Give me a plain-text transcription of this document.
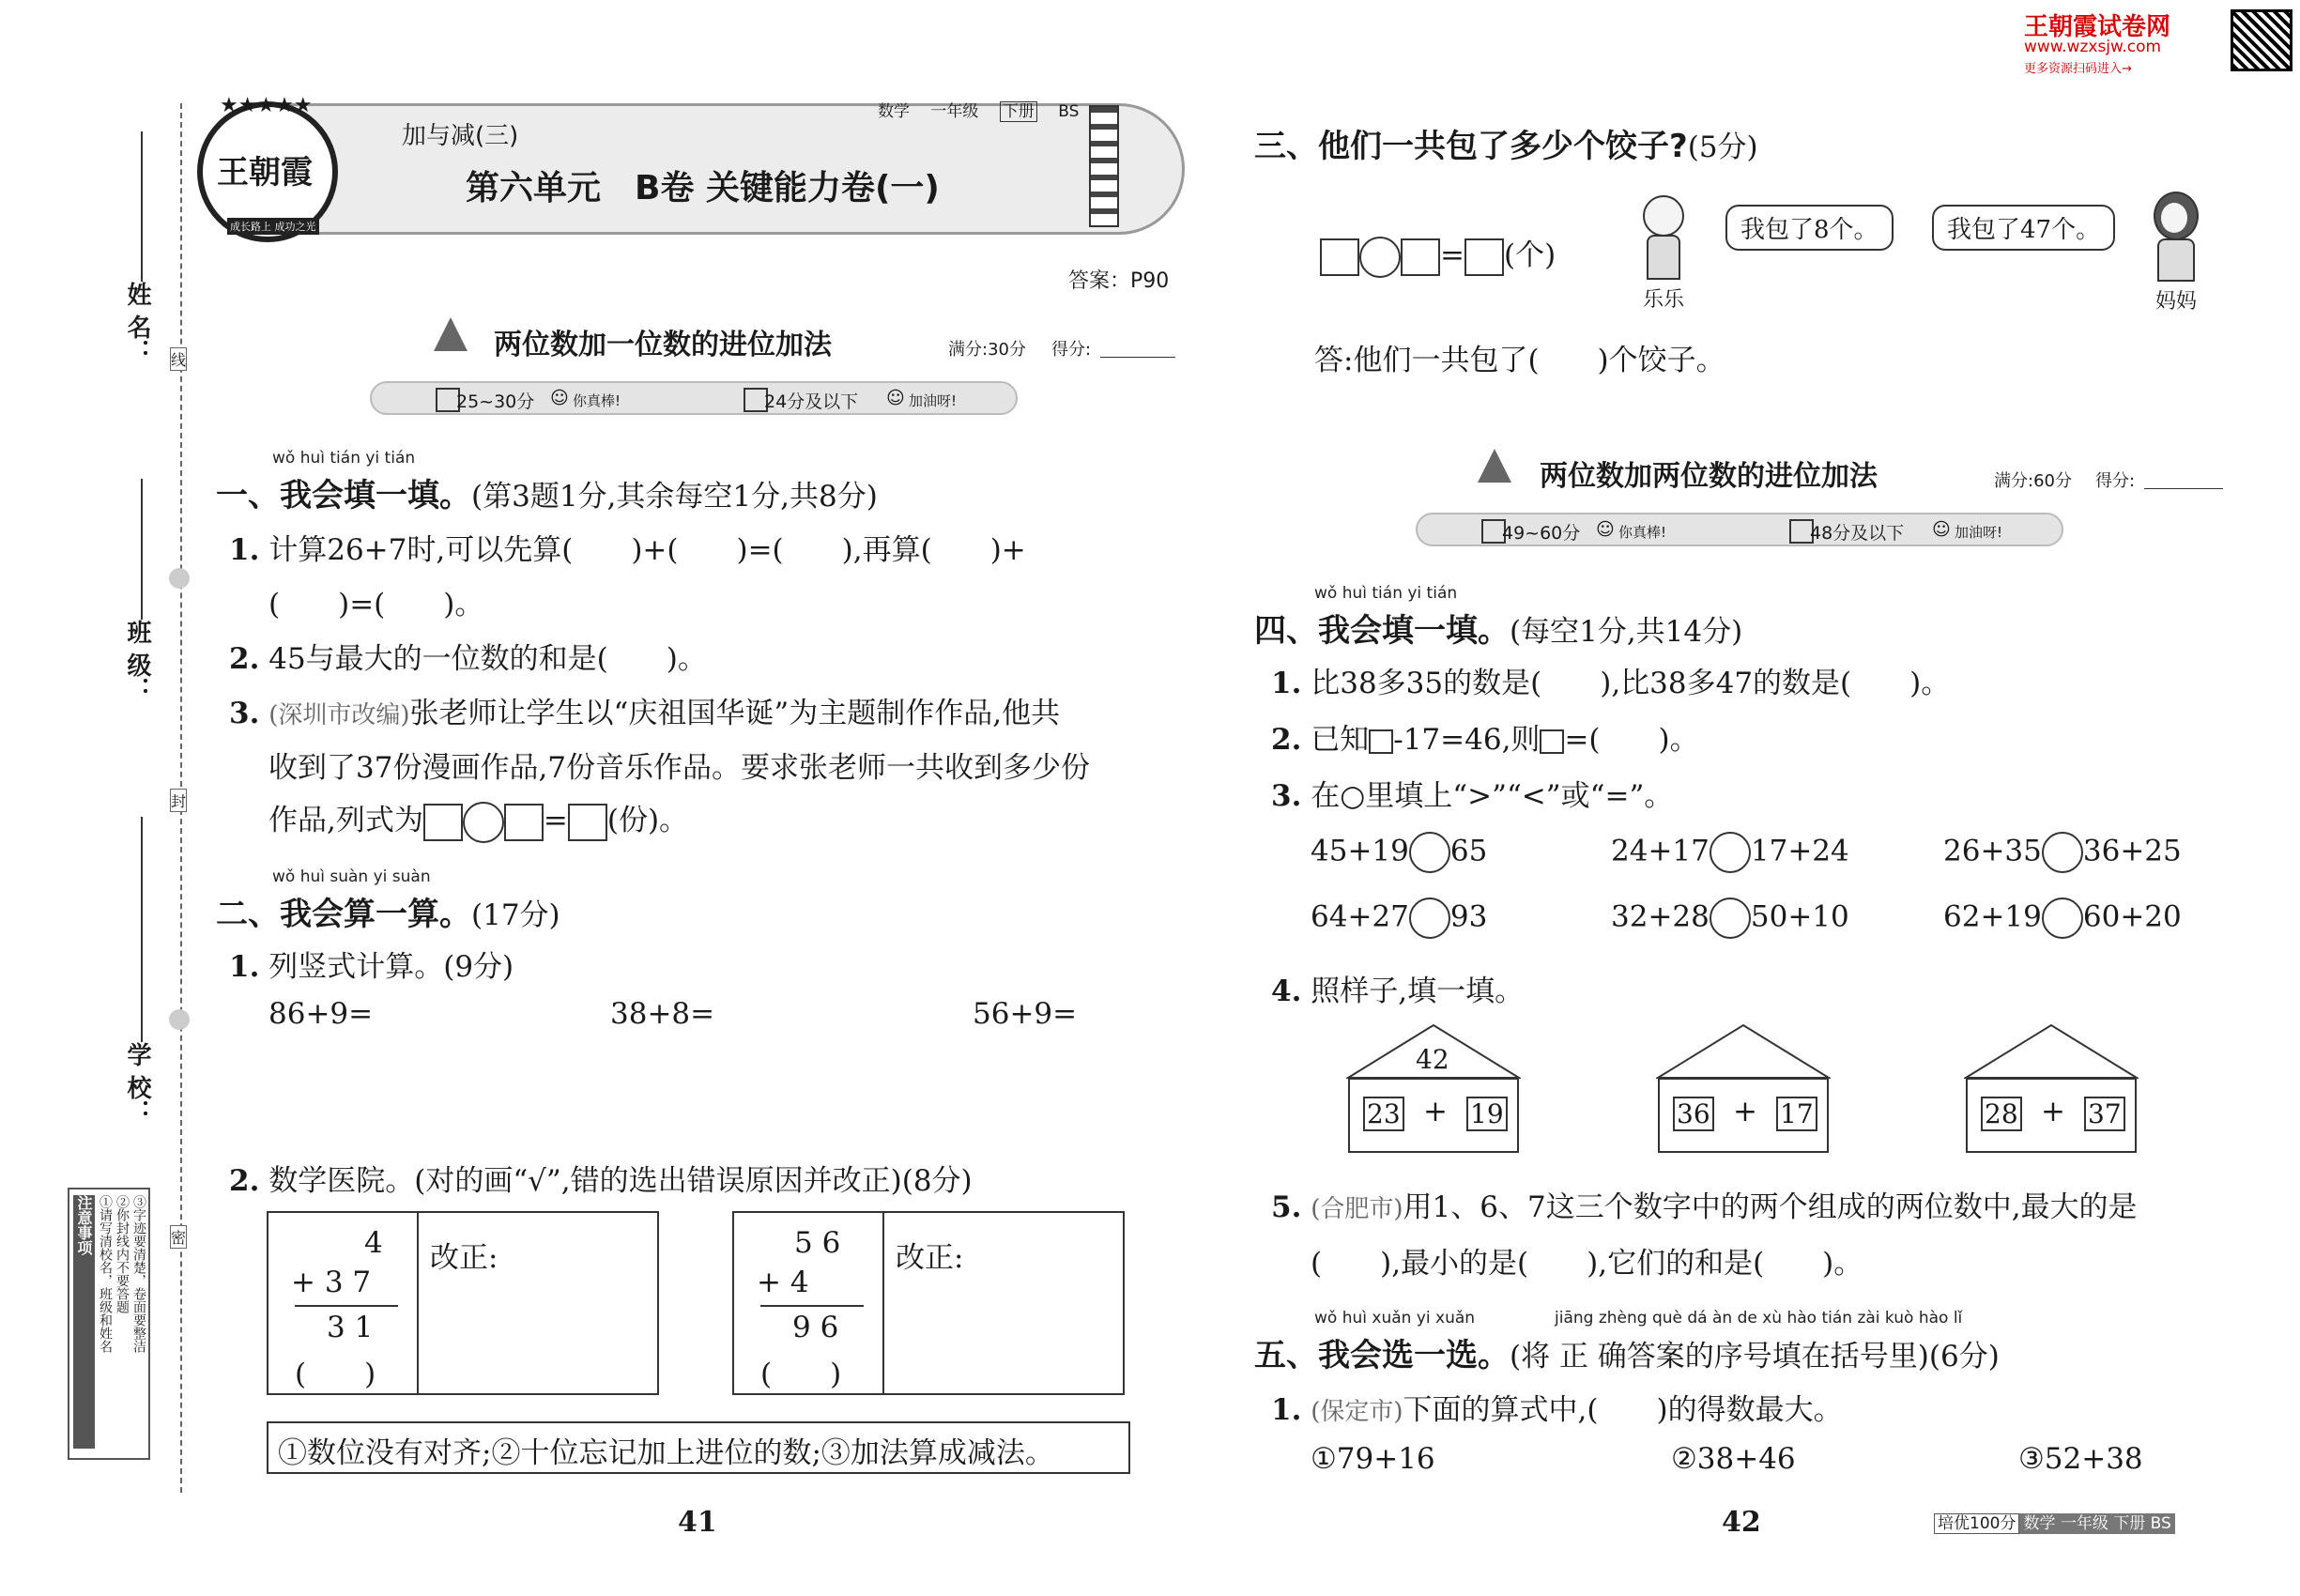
姓 名：
班 级：
学 校：
线
封
密
注意事项 ①请写清校名，班级和姓名 ②你封线内不要答题 ③字迹要清楚，卷面要整洁
★★★★★
王朝霞
成长路上 成功之光
数学　 一年级　 下册　 BS
加与减(三)
第六单元　B卷 关键能力卷(一)
答案：P90
两位数加一位数的进位加法	满分:30分 得分:
25~30分 ☺ 你真棒!	24分及以下 ☺ 加油呀!
wǒ huì tián yi tián
一、我会填一填。(第3题1分,其余每空1分,共8分)
1. 计算26+7时,可以先算(　　)+(　　)=(　　),再算(　　)+
(　　)=(　　)。
2. 45与最大的一位数的和是(　　)。
3. (深圳市改编)张老师让学生以“庆祖国华诞”为主题制作作品,他共
收到了37份漫画作品,7份音乐作品。要求张老师一共收到多少份
作品,列式为	= (份)。
wǒ huì suàn yi suàn
二、我会算一算。(17分)
1. 列竖式计算。(9分)
86+9=	38+8=	56+9=
2. 数学医院。(对的画“√”,错的选出错误原因并改正)(8分)
4
+ 3 7
3 1
(　　)
改正:	5 6
+ 4
9 6
(　　)
改正:
①数位没有对齐;②十位忘记加上进位的数;③加法算成减法。
41	42
王朝霞试卷网
www.wzxsjw.com
更多资源扫码进入→
三、他们一共包了多少个饺子?(5分)
= (个)
乐乐
我包了8个。	我包了47个。
妈妈
答:他们一共包了(　　)个饺子。
两位数加两位数的进位加法	满分:60分 得分:
49~60分 ☺ 你真棒!	48分及以下 ☺ 加油呀!
wǒ huì tián yi tián
四、我会填一填。(每空1分,共14分)
1. 比38多35的数是(　　),比38多47的数是(　　)。
2. 已知 -17=46,则 =(　　)。
3. 在○里填上“>”“<”或“=”。
45+19 65	24+17 17+24	26+35 36+25
64+27 93	32+28 50+10	62+19 60+20
4. 照样子,填一填。
42
23 + 19	36 + 17	28 + 37
5. (合肥市)用1、6、7这三个数字中的两个组成的两位数中,最大的是
(　　),最小的是(　　),它们的和是(　　)。
wǒ huì xuǎn yi xuǎn	jiāng zhèng què dá àn de xù hào tián zài kuò hào lǐ
五、我会选一选。(将 正 确答案的序号填在括号里)(6分)
1. (保定市)下面的算式中,(　　)的得数最大。
①79+16	②38+46	③52+38
培优100分 数学 一年级 下册 BS
